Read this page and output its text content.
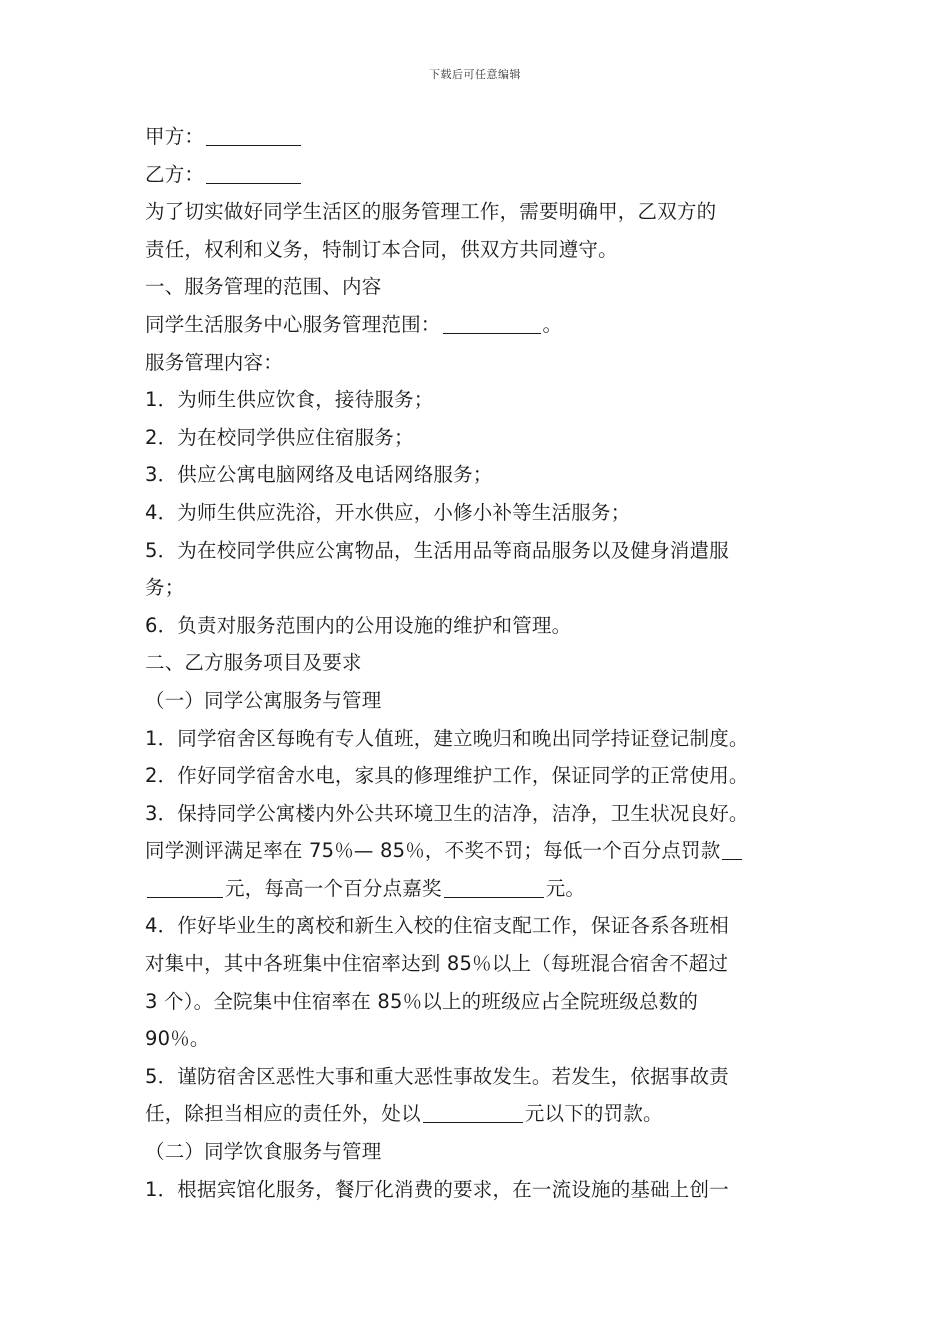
下载后可任意编辑
甲方：
乙方：
为了切实做好同学生活区的服务管理工作，需要明确甲，乙双方的
责任，权利和义务，特制订本合同，供双方共同遵守。
一、服务管理的范围、内容
同学生活服务中心服务管理范围：	。
服务管理内容：
1．为师生供应饮食，接待服务；
2．为在校同学供应住宿服务；
3．供应公寓电脑网络及电话网络服务；
4．为师生供应洗浴，开水供应，小修小补等生活服务；
5．为在校同学供应公寓物品，生活用品等商品服务以及健身消遣服
务；
6．负责对服务范围内的公用设施的维护和管理。
二、乙方服务项目及要求
（一）同学公寓服务与管理
1．同学宿舍区每晚有专人值班，建立晚归和晚出同学持证登记制度。
2．作好同学宿舍水电，家具的修理维护工作，保证同学的正常使用。
3．保持同学公寓楼内外公共环境卫生的洁净，洁净，卫生状况良好。
同学测评满足率在 75％— 85％，不奖不罚；每低一个百分点罚款
元，每高一个百分点嘉奖	元。
4．作好毕业生的离校和新生入校的住宿支配工作，保证各系各班相
对集中，其中各班集中住宿率达到 85％以上（每班混合宿舍不超过
3 个）。全院集中住宿率在 85％以上的班级应占全院班级总数的
90％。
5．谨防宿舍区恶性大事和重大恶性事故发生。若发生，依据事故责
任，除担当相应的责任外，处以	元以下的罚款。
（二）同学饮食服务与管理
1．根据宾馆化服务，餐厅化消费的要求，在一流设施的基础上创一
